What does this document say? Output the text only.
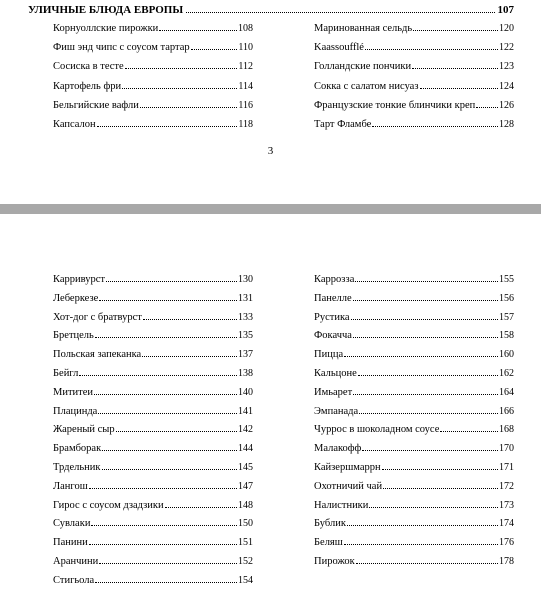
УЛИЧНЫЕ БЛЮДА ЕВРОПЫ	107
Корнуоллские пирожки	108
Фиш энд чипс с соусом тартар	110
Сосиска в тесте	112
Картофель фри	114
Бельгийские вафли	116
Капсалон	118
Маринованная сельдь	120
Kaassoufflé	122
Голландские пончики	123
Сокка с салатом нисуаз	124
Французские тонкие блинчики креп 126
Тарт Фламбе	128
3
Карривурст	130
Леберкезе	131
Хот-дог с братвурст	133
Бретцель	135
Польская запеканка	137
Бейгл	138
Мититеи	140
Плацинда	141
Жареный сыр	142
Брамборак	144
Трдельник	145
Лангош	147
Гирос с соусом дзадзики	148
Сувлаки	150
Панини	151
Аранчини	152
Стигьола	154
Карроззa	155
Панелле	156
Рустика	157
Фокачча	158
Пицца	160
Кальцоне	162
Имьарет	164
Эмпанада	166
Чуррос в шоколадном соусе	168
Малакофф	170
Кайзершмаррн	171
Охотничий чай	172
Налистники	173
Бублик	174
Беляш	176
Пирожок	178
